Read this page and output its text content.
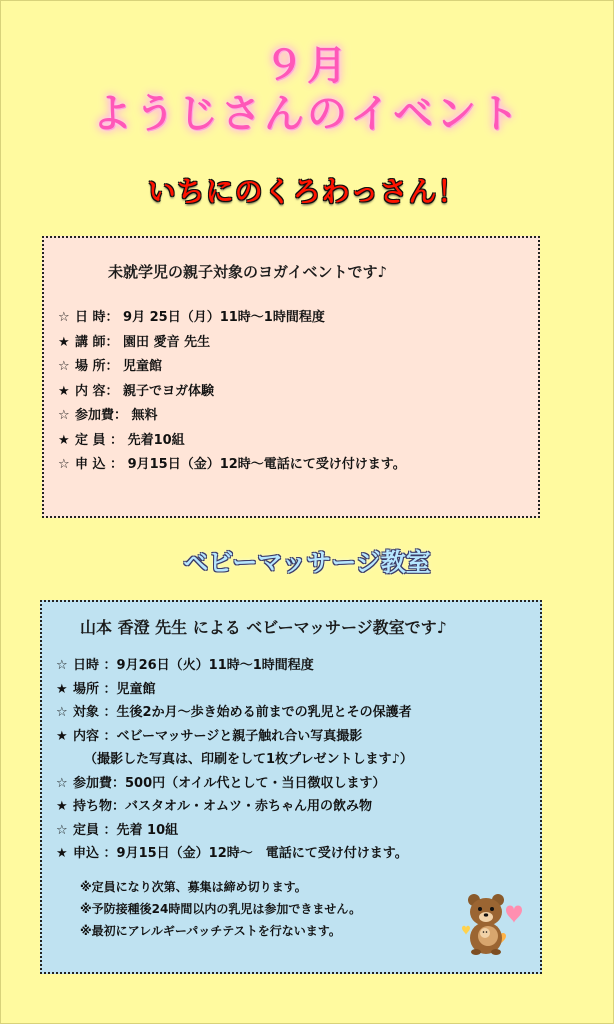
９月
ようじさんのイベント
いちにのくろわっさん！
未就学児の親子対象のヨガイベントです♪
☆ 日 時： 9月 25日（月）11時～1時間程度
★ 講 師： 園田 愛音 先生
☆ 場 所： 児童館
★ 内 容： 親子でヨガ体験
☆ 参加費： 無料
★ 定 員 ： 先着10組
☆ 申 込 ： 9月15日（金）12時～電話にて受け付けます。
ベビーマッサージ教室
山本 香澄 先生 による ベビーマッサージ教室です♪
☆ 日時 ：9月26日（火）11時～1時間程度
★ 場所 ：児童館
☆ 対象 ：生後2か月～歩き始める前までの乳児とその保護者
★ 内容 ：ベビーマッサージと親子触れ合い写真撮影
（撮影した写真は、印刷をして1枚プレゼントします♪）
☆ 参加費：500円（オイル代として・当日徴収します）
★ 持ち物：バスタオル・オムツ・赤ちゃん用の飲み物
☆ 定員 ：先着 10組
★ 申込 ：9月15日（金）12時～　電話にて受け付けます。
※定員になり次第、募集は締め切ります。
※予防接種後24時間以内の乳児は参加できません。
※最初にアレルギーパッチテストを行ないます。
